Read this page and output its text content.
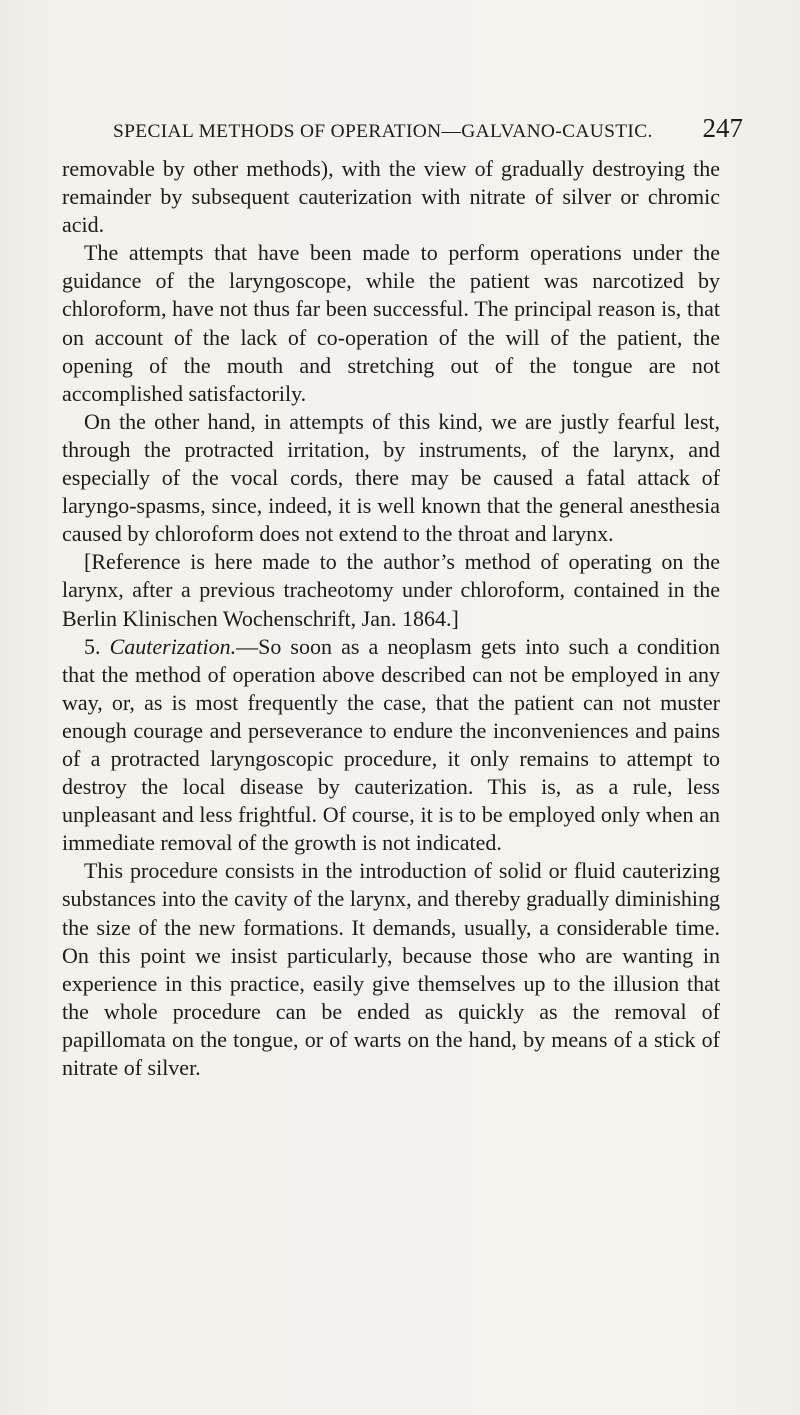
SPECIAL METHODS OF OPERATION—GALVANO-CAUSTIC. 247

removable by other methods), with the view of gradually destroying the remainder by subsequent cauterization with nitrate of silver or chromic acid.

The attempts that have been made to perform operations under the guidance of the laryngoscope, while the patient was narcotized by chloroform, have not thus far been successful. The principal reason is, that on account of the lack of co-operation of the will of the patient, the opening of the mouth and stretching out of the tongue are not accomplished satisfactorily.

On the other hand, in attempts of this kind, we are justly fearful lest, through the protracted irritation, by instruments, of the larynx, and especially of the vocal cords, there may be caused a fatal attack of laryngo-spasms, since, indeed, it is well known that the general anesthesia caused by chloroform does not extend to the throat and larynx.

[Reference is here made to the author’s method of operating on the larynx, after a previous tracheotomy under chloroform, contained in the Berlin Klinischen Wochenschrift, Jan. 1864.]

5. Cauterization.—So soon as a neoplasm gets into such a condition that the method of operation above described can not be employed in any way, or, as is most frequently the case, that the patient can not muster enough courage and perseverance to endure the inconveniences and pains of a protracted laryngoscopic procedure, it only remains to attempt to destroy the local disease by cauterization. This is, as a rule, less unpleasant and less frightful. Of course, it is to be employed only when an immediate removal of the growth is not indicated.

This procedure consists in the introduction of solid or fluid cauterizing substances into the cavity of the larynx, and thereby gradually diminishing the size of the new formations. It demands, usually, a considerable time. On this point we insist particularly, because those who are wanting in experience in this practice, easily give themselves up to the illusion that the whole procedure can be ended as quickly as the removal of papillomata on the tongue, or of warts on the hand, by means of a stick of nitrate of silver.
